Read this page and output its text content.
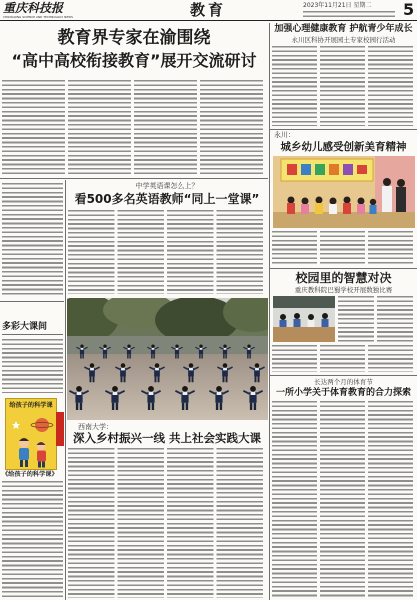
重庆科技报
CHONGQING SCIENCE AND TECHNOLOGY NEWS	教育	2023年11月21日 星期二 5
教育界专家在渝围绕
“高中高校衔接教育”展开交流研讨
中学英语课怎么上？
看500多名英语教师“同上一堂课”
西南大学：
深入乡村振兴一线 共上社会实践大课
多彩大课间
给孩子的科学课
《给孩子的科学课》
加强心理健康教育 护航青少年成长
永川区科协开展园土专家校园行活动
永川：
城乡幼儿感受创新美育精神
校园里的智慧对决
重庆教科院巴蜀学校开展数独比赛
长达两个月的体育节
一所小学关于体育教育的合力探索
